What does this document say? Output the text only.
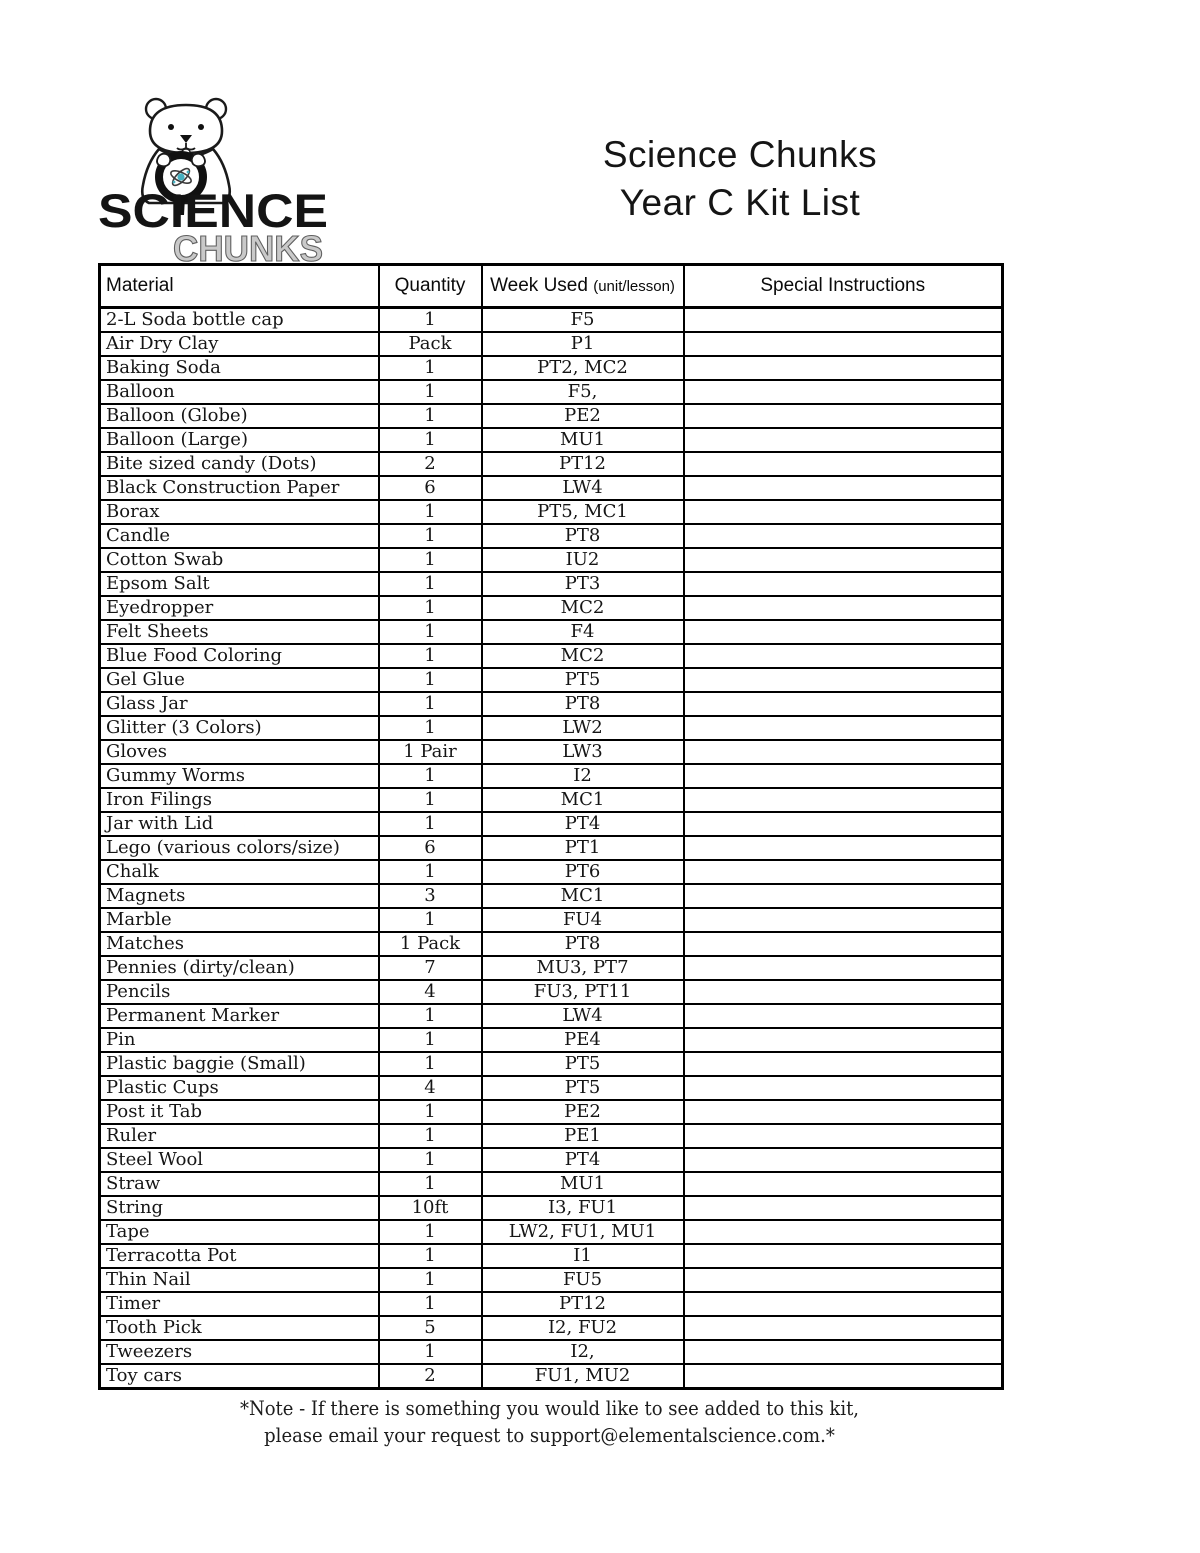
SCIENCE
CHUNKS
Science Chunks
Year C Kit List
Material	Quantity	Week Used (unit/lesson)	Special Instructions
2-L Soda bottle cap	1	F5	
Air Dry Clay	Pack	P1	
Baking Soda	1	PT2, MC2	
Balloon	1	F5,	
Balloon (Globe)	1	PE2	
Balloon (Large)	1	MU1	
Bite sized candy (Dots)	2	PT12	
Black Construction Paper	6	LW4	
Borax	1	PT5, MC1	
Candle	1	PT8	
Cotton Swab	1	IU2	
Epsom Salt	1	PT3	
Eyedropper	1	MC2	
Felt Sheets	1	F4	
Blue Food Coloring	1	MC2	
Gel Glue	1	PT5	
Glass Jar	1	PT8	
Glitter (3 Colors)	1	LW2	
Gloves	1 Pair	LW3	
Gummy Worms	1	I2	
Iron Filings	1	MC1	
Jar with Lid	1	PT4	
Lego (various colors/size)	6	PT1	
Chalk	1	PT6	
Magnets	3	MC1	
Marble	1	FU4	
Matches	1 Pack	PT8	
Pennies (dirty/clean)	7	MU3, PT7	
Pencils	4	FU3, PT11	
Permanent Marker	1	LW4	
Pin	1	PE4	
Plastic baggie (Small)	1	PT5	
Plastic Cups	4	PT5	
Post it Tab	1	PE2	
Ruler	1	PE1	
Steel Wool	1	PT4	
Straw	1	MU1	
String	10ft	I3, FU1	
Tape	1	LW2, FU1, MU1	
Terracotta Pot	1	I1	
Thin Nail	1	FU5	
Timer	1	PT12	
Tooth Pick	5	I2, FU2	
Tweezers	1	I2,	
Toy cars	2	FU1, MU2	
*Note - If there is something you would like to see added to this kit,
please email your request to support@elementalscience.com.*
